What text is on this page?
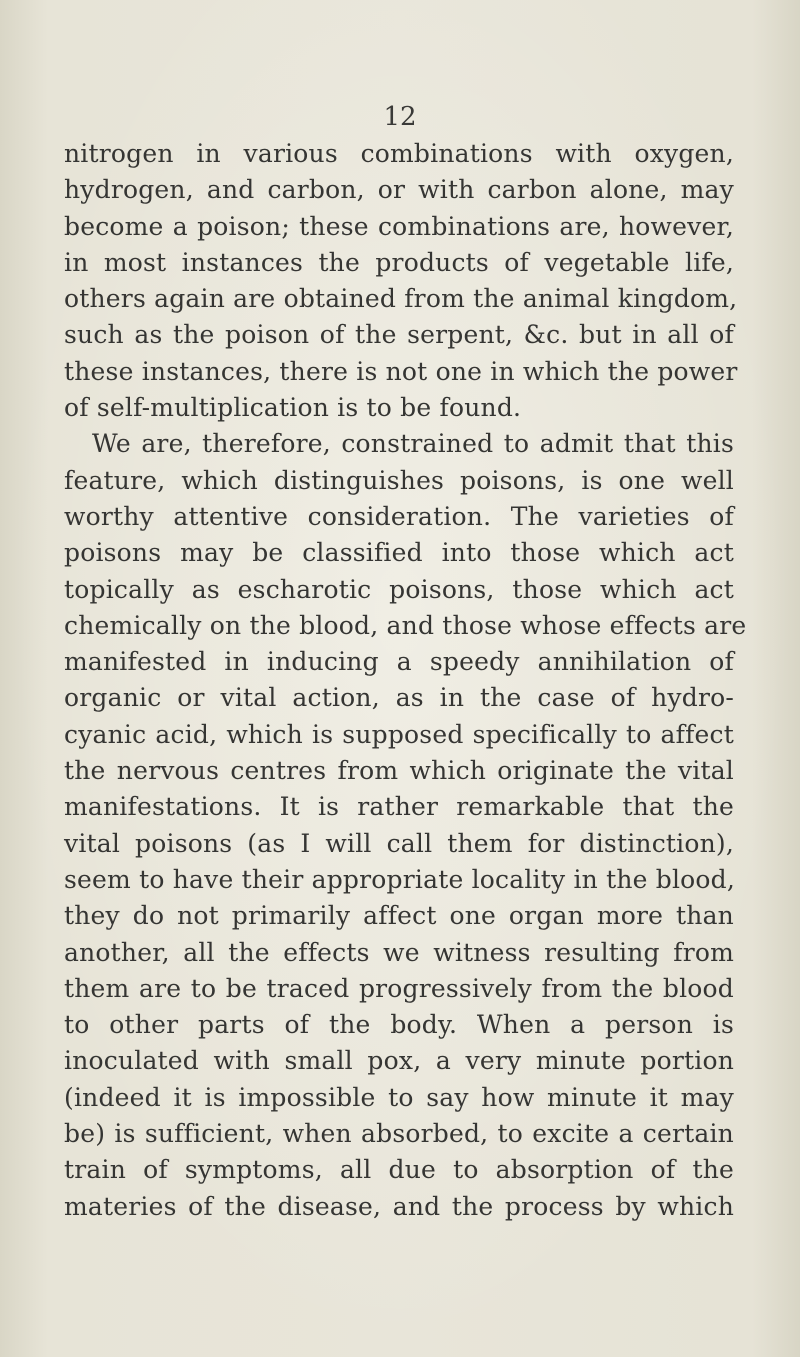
12
nitrogen in various combinations with oxygen,
hydrogen, and carbon, or with carbon alone, may
become a poison; these combinations are, however,
in most instances the products of vegetable life,
others again are obtained from the animal kingdom,
such as the poison of the serpent, &c. but in all of
these instances, there is not one in which the power
of self-multiplication is to be found.
We are, therefore, constrained to admit that this
feature, which distinguishes poisons, is one well
worthy attentive consideration. The varieties of
poisons may be classified into those which act
topically as escharotic poisons, those which act
chemically on the blood, and those whose effects are
manifested in inducing a speedy annihilation of
organic or vital action, as in the case of hydro-
cyanic acid, which is supposed specifically to affect
the nervous centres from which originate the vital
manifestations. It is rather remarkable that the
vital poisons (as I will call them for distinction),
seem to have their appropriate locality in the blood,
they do not primarily affect one organ more than
another, all the effects we witness resulting from
them are to be traced progressively from the blood
to other parts of the body. When a person is
inoculated with small pox, a very minute portion
(indeed it is impossible to say how minute it may
be) is sufficient, when absorbed, to excite a certain
train of symptoms, all due to absorption of the
materies of the disease, and the process by which
